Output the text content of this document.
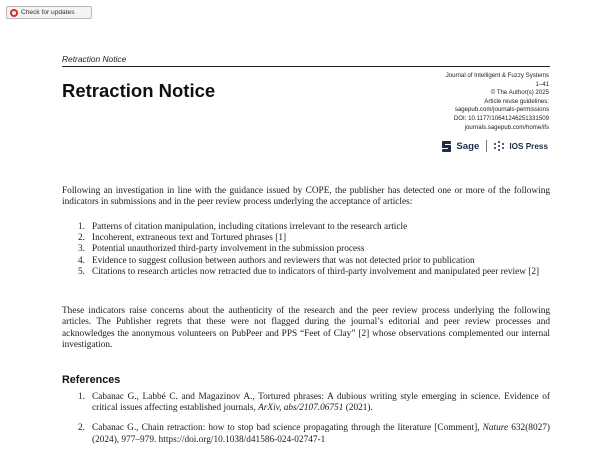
Check for updates
Retraction Notice
Retraction Notice
Journal of Intelligent & Fuzzy Systems
1–41
© The Author(s) 2025
Article reuse guidelines:
sagepub.com/journals-permissions
DOI: 10.1177/10641246251331509
journals.sagepub.com/home/ifs
Sage	IOS Press

Following an investigation in line with the guidance issued by COPE, the publisher has detected one or more of the following indicators in submissions and in the peer review process underlying the acceptance of articles:

1. Patterns of citation manipulation, including citations irrelevant to the research article
2. Incoherent, extraneous text and Tortured phrases [1]
3. Potential unauthorized third-party involvement in the submission process
4. Evidence to suggest collusion between authors and reviewers that was not detected prior to publication
5. Citations to research articles now retracted due to indicators of third-party involvement and manipulated peer review [2]

These indicators raise concerns about the authenticity of the research and the peer review process underlying the following articles. The Publisher regrets that these were not flagged during the journal’s editorial and peer review processes and acknowledges the anonymous volunteers on PubPeer and PPS “Feet of Clay” [2] whose observations complemented our internal investigation.

References
1. Cabanac G., Labbé C. and Magazinov A., Tortured phrases: A dubious writing style emerging in science. Evidence of critical issues affecting established journals, ArXiv, abs/2107.06751 (2021).
2. Cabanac G., Chain retraction: how to stop bad science propagating through the literature [Comment], Nature 632(8027) (2024), 977–979. https://doi.org/10.1038/d41586-024-02747-1
